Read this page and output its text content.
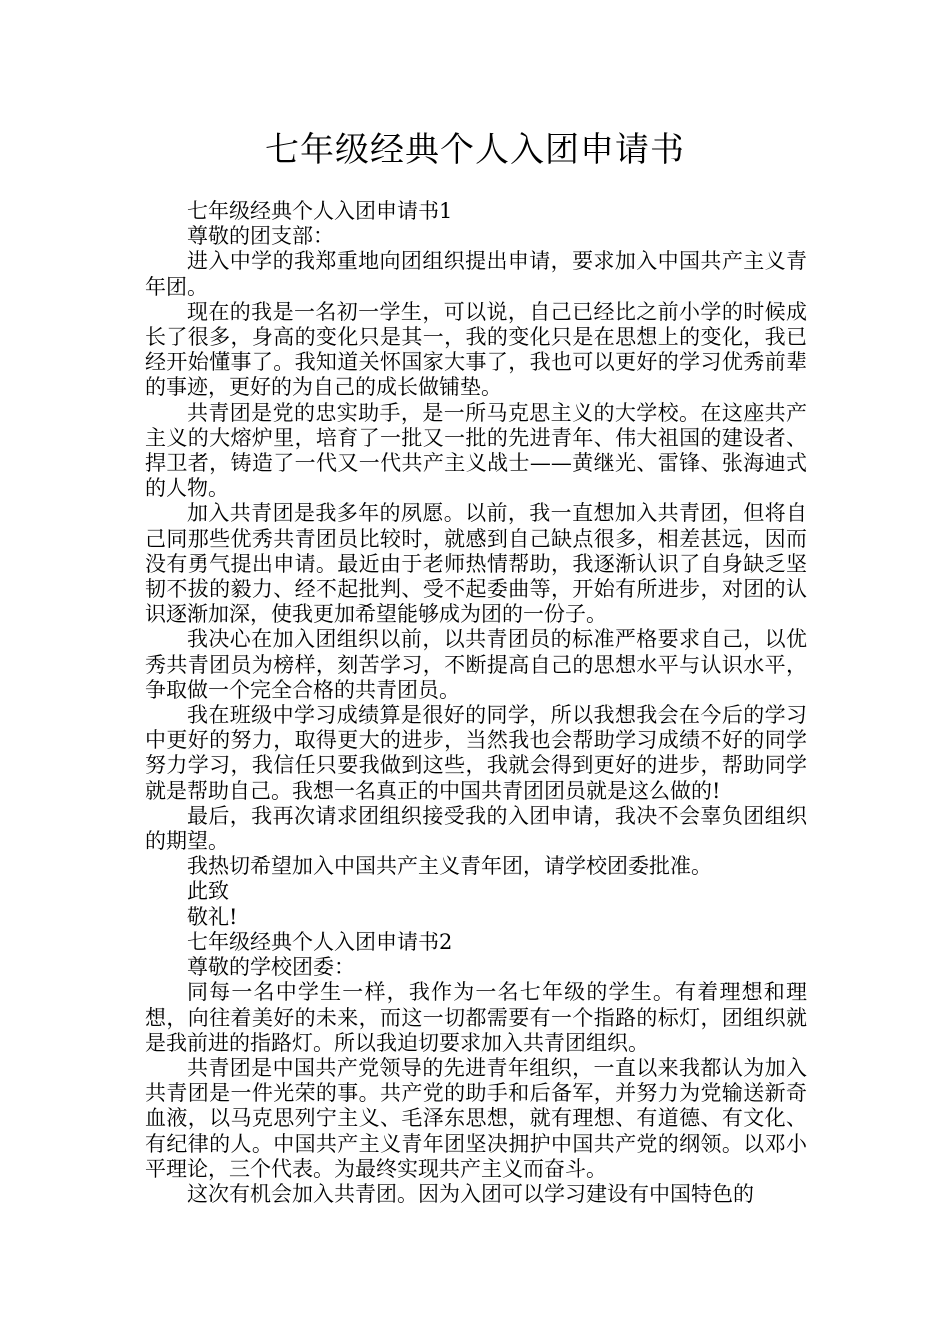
七年级经典个人入团申请书

七年级经典个人入团申请书1

尊敬的团支部：

进入中学的我郑重地向团组织提出申请，要求加入中国共产主义青年团。

现在的我是一名初一学生，可以说，自己已经比之前小学的时候成长了很多，身高的变化只是其一，我的变化只是在思想上的变化，我已经开始懂事了。我知道关怀国家大事了，我也可以更好的学习优秀前辈的事迹，更好的为自己的成长做铺垫。

共青团是党的忠实助手，是一所马克思主义的大学校。在这座共产主义的大熔炉里，培育了一批又一批的先进青年、伟大祖国的建设者、捍卫者，铸造了一代又一代共产主义战士——黄继光、雷锋、张海迪式的人物。

加入共青团是我多年的夙愿。以前，我一直想加入共青团，但将自己同那些优秀共青团员比较时，就感到自己缺点很多，相差甚远，因而没有勇气提出申请。最近由于老师热情帮助，我逐渐认识了自身缺乏坚韧不拔的毅力、经不起批判、受不起委曲等，开始有所进步，对团的认识逐渐加深，使我更加希望能够成为团的一份子。

我决心在加入团组织以前，以共青团员的标准严格要求自己，以优秀共青团员为榜样，刻苦学习，不断提高自己的思想水平与认识水平，争取做一个完全合格的共青团员。

我在班级中学习成绩算是很好的同学，所以我想我会在今后的学习中更好的努力，取得更大的进步，当然我也会帮助学习成绩不好的同学努力学习，我信任只要我做到这些，我就会得到更好的进步，帮助同学就是帮助自己。我想一名真正的中国共青团团员就是这么做的!

最后，我再次请求团组织接受我的入团申请，我决不会辜负团组织的期望。

我热切希望加入中国共产主义青年团，请学校团委批准。

此致

敬礼!

七年级经典个人入团申请书2

尊敬的学校团委：

同每一名中学生一样，我作为一名七年级的学生。有着理想和理想，向往着美好的未来，而这一切都需要有一个指路的标灯，团组织就是我前进的指路灯。所以我迫切要求加入共青团组织。

共青团是中国共产党领导的先进青年组织，一直以来我都认为加入共青团是一件光荣的事。共产党的助手和后备军，并努力为党输送新奇血液，以马克思列宁主义、毛泽东思想，就有理想、有道德、有文化、有纪律的人。中国共产主义青年团坚决拥护中国共产党的纲领。以邓小平理论，三个代表。为最终实现共产主义而奋斗。

这次有机会加入共青团。因为入团可以学习建设有中国特色的
